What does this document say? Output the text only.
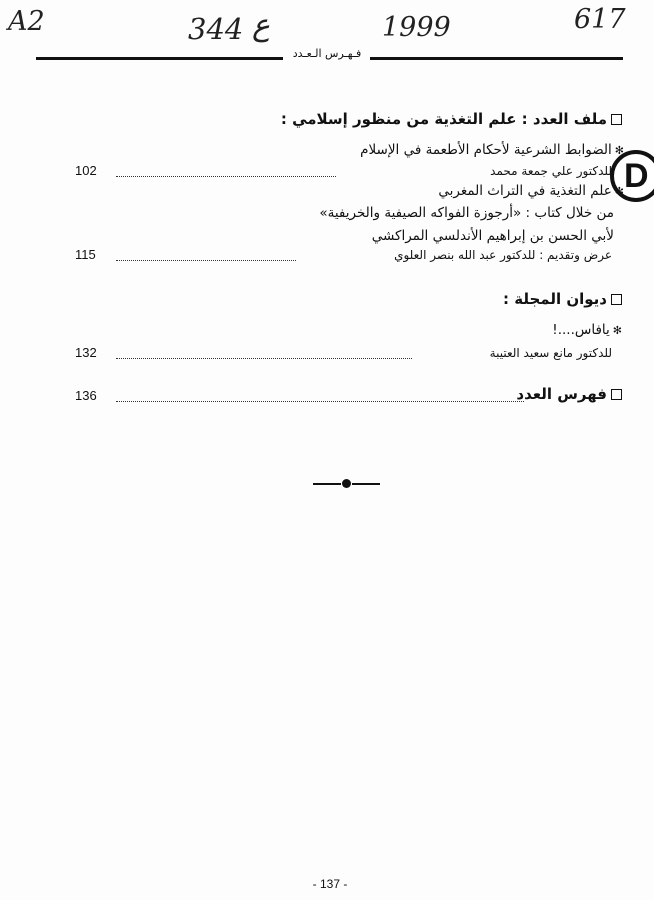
A2	344 ع	1999	617
فـهـرس الـعـدد
D
ملف العدد : علم التغذية من منظور إسلامي :
✻الضوابط الشرعية لأحكام الأطعمة في الإسلام
102	للدكتور علي جمعة محمد
✻علم التغذية في التراث المغربي
من خلال كتاب : «أرجوزة الفواكه الصيفية والخريفية»
لأبي الحسن بن إبراهيم الأندلسي المراكشي
115	عرض وتقديم : للدكتور عبد الله بنصر العلوي
ديوان المجلة :
✻يافاس....!
132	للدكتور مانع سعيد العتيبة
136	فهرس العدد
- 137 -
